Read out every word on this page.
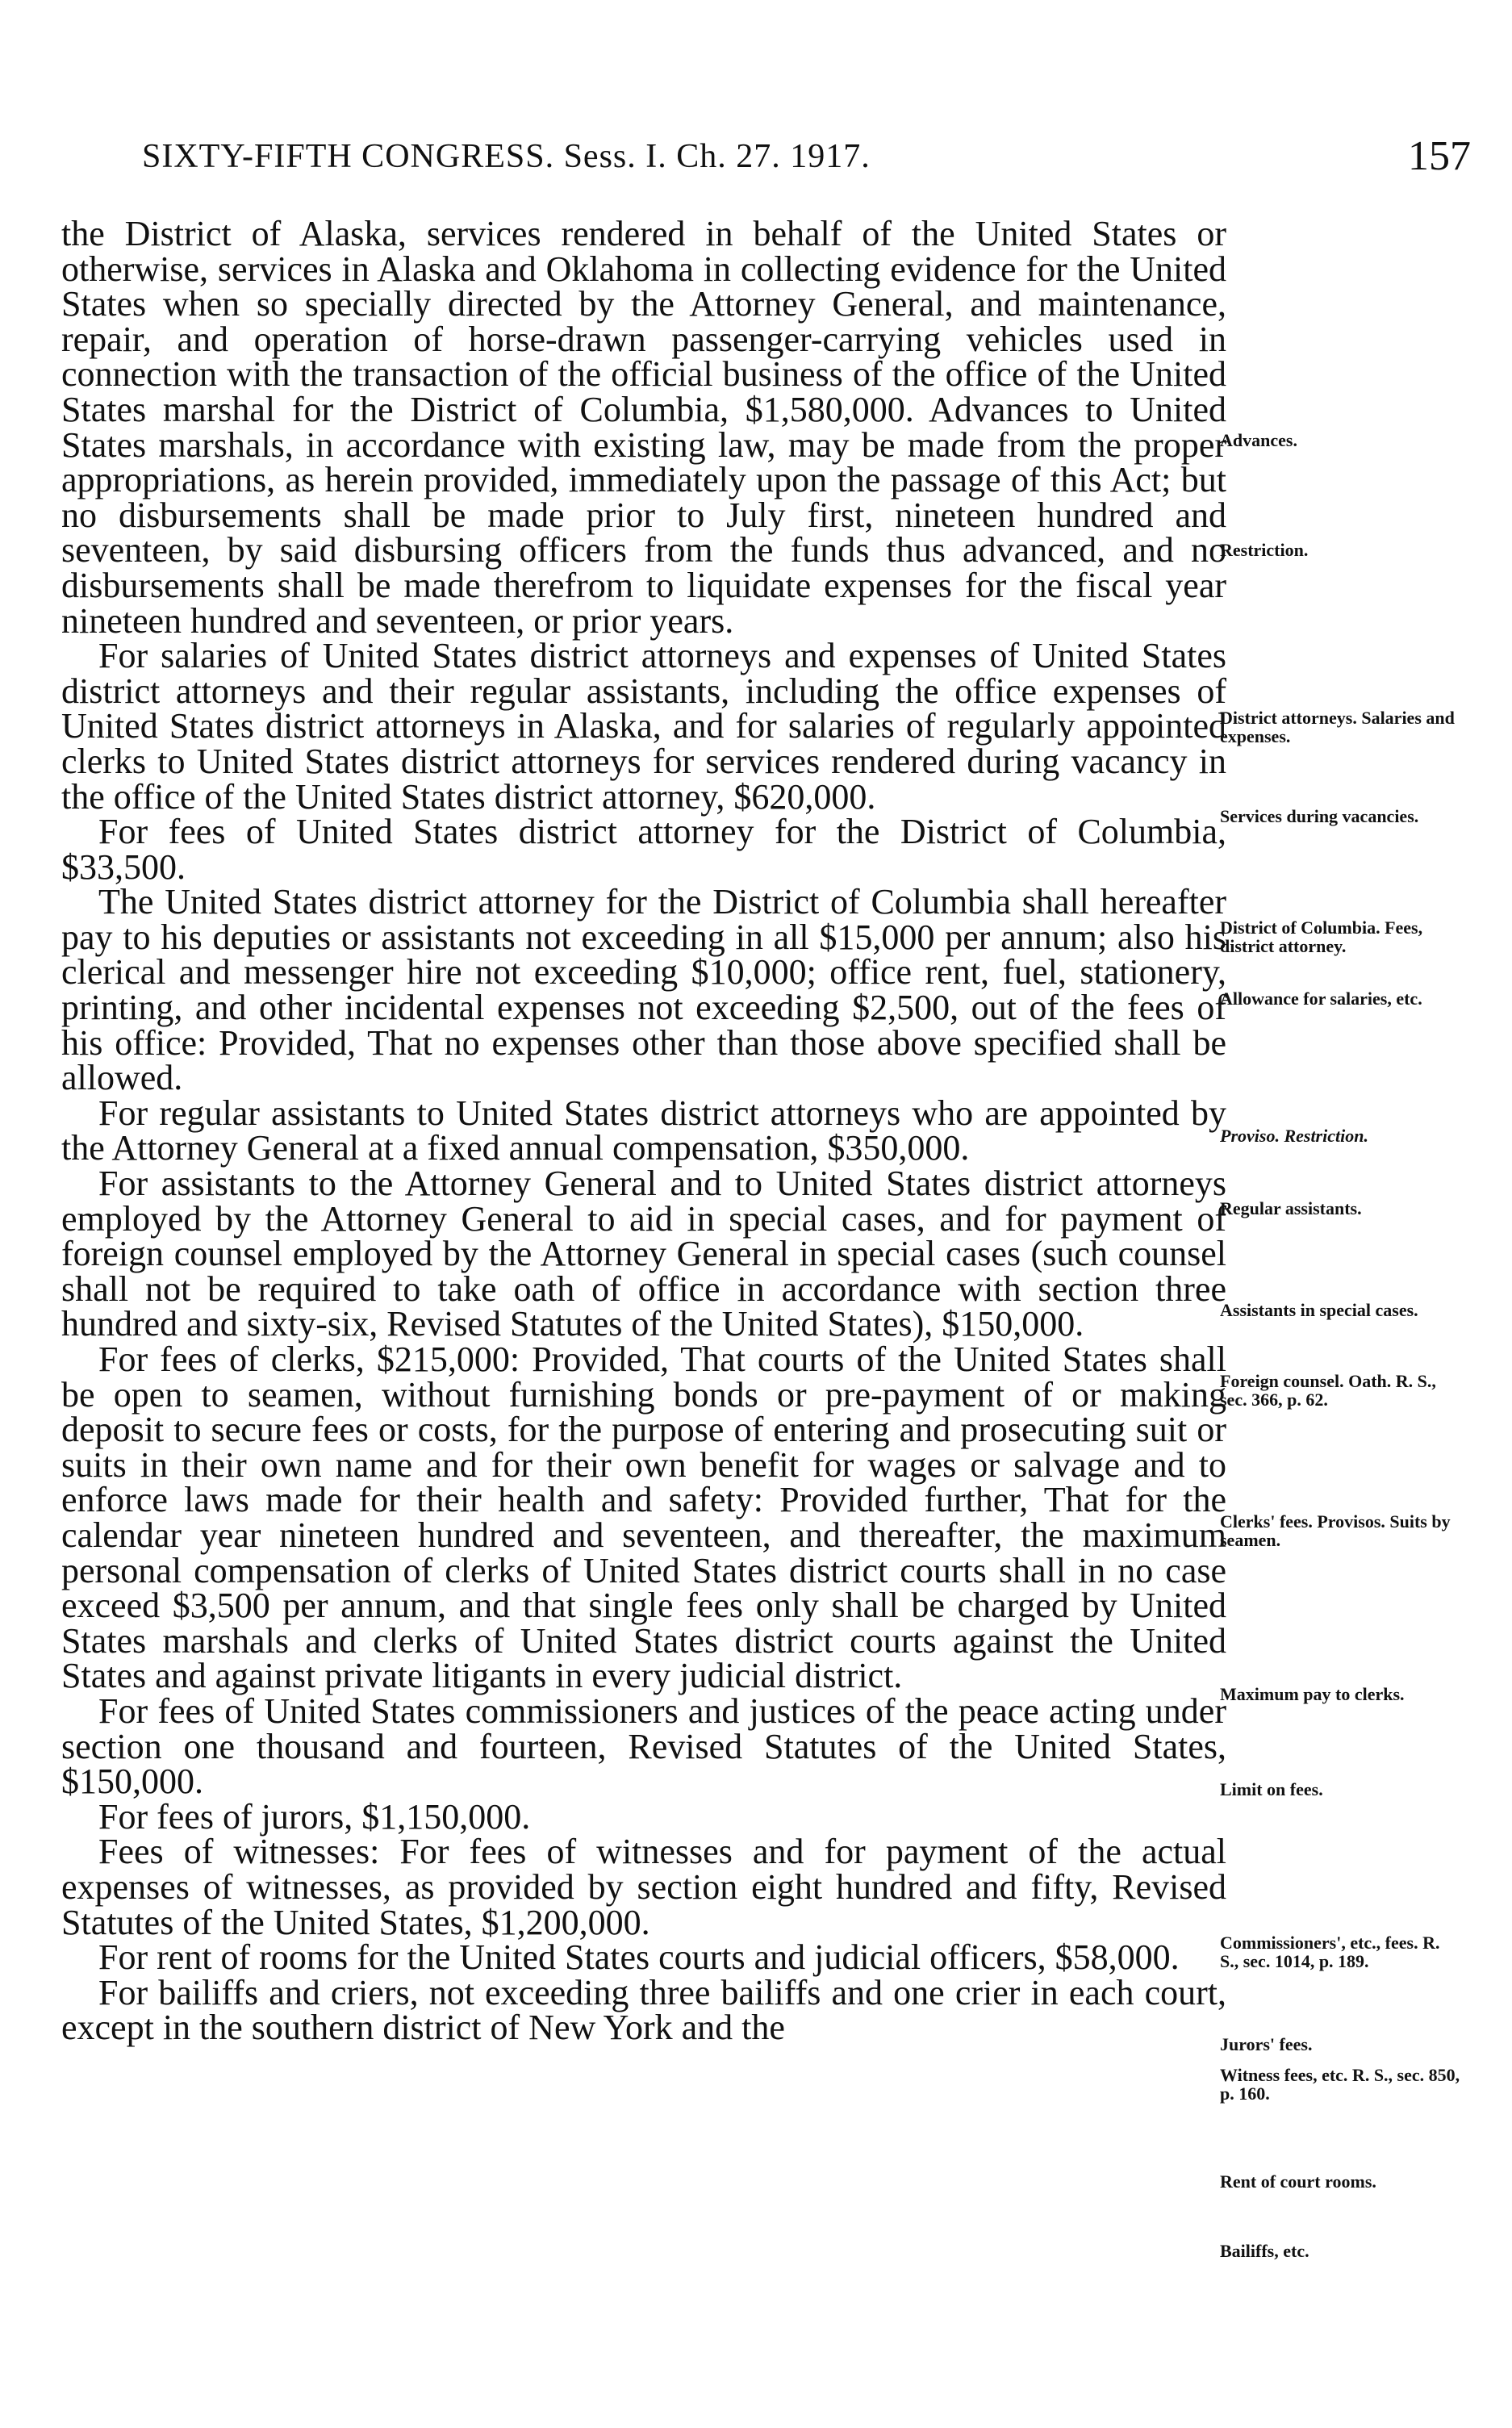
SIXTY-FIFTH CONGRESS. Sess. I. Ch. 27. 1917.	157

the District of Alaska, services rendered in behalf of the United States or otherwise, services in Alaska and Oklahoma in collecting evidence for the United States when so specially directed by the Attorney General, and maintenance, repair, and operation of horse-drawn passenger-carrying vehicles used in connection with the transaction of the official business of the office of the United States marshal for the District of Columbia, $1,580,000. Advances to United States marshals, in accordance with existing law, may be made from the proper appropriations, as herein provided, immediately upon the passage of this Act; but no disbursements shall be made prior to July first, nineteen hundred and seventeen, by said disbursing officers from the funds thus advanced, and no disbursements shall be made therefrom to liquidate expenses for the fiscal year nineteen hundred and seventeen, or prior years.

For salaries of United States district attorneys and expenses of United States district attorneys and their regular assistants, including the office expenses of United States district attorneys in Alaska, and for salaries of regularly appointed clerks to United States district attorneys for services rendered during vacancy in the office of the United States district attorney, $620,000.

For fees of United States district attorney for the District of Columbia, $33,500.

The United States district attorney for the District of Columbia shall hereafter pay to his deputies or assistants not exceeding in all $15,000 per annum; also his clerical and messenger hire not exceeding $10,000; office rent, fuel, stationery, printing, and other incidental expenses not exceeding $2,500, out of the fees of his office: Provided, That no expenses other than those above specified shall be allowed.

For regular assistants to United States district attorneys who are appointed by the Attorney General at a fixed annual compensation, $350,000.

For assistants to the Attorney General and to United States district attorneys employed by the Attorney General to aid in special cases, and for payment of foreign counsel employed by the Attorney General in special cases (such counsel shall not be required to take oath of office in accordance with section three hundred and sixty-six, Revised Statutes of the United States), $150,000.

For fees of clerks, $215,000: Provided, That courts of the United States shall be open to seamen, without furnishing bonds or pre-payment of or making deposit to secure fees or costs, for the purpose of entering and prosecuting suit or suits in their own name and for their own benefit for wages or salvage and to enforce laws made for their health and safety: Provided further, That for the calendar year nineteen hundred and seventeen, and thereafter, the maximum personal compensation of clerks of United States district courts shall in no case exceed $3,500 per annum, and that single fees only shall be charged by United States marshals and clerks of United States district courts against the United States and against private litigants in every judicial district.

For fees of United States commissioners and justices of the peace acting under section one thousand and fourteen, Revised Statutes of the United States, $150,000.

For fees of jurors, $1,150,000.

Fees of witnesses: For fees of witnesses and for payment of the actual expenses of witnesses, as provided by section eight hundred and fifty, Revised Statutes of the United States, $1,200,000.

For rent of rooms for the United States courts and judicial officers, $58,000.

For bailiffs and criers, not exceeding three bailiffs and one crier in each court, except in the southern district of New York and the

Advances.
Restriction.
District attorneys. Salaries and expenses.
Services during vacancies.
District of Columbia. Fees, district attorney.
Allowance for salaries, etc.
Proviso. Restriction.
Regular assistants.
Assistants in special cases.
Foreign counsel. Oath. R. S., sec. 366, p. 62.
Clerks' fees. Provisos. Suits by seamen.
Maximum pay to clerks.
Limit on fees.
Commissioners', etc., fees. R. S., sec. 1014, p. 189.
Jurors' fees.
Witness fees, etc. R. S., sec. 850, p. 160.
Rent of court rooms.
Bailiffs, etc.
